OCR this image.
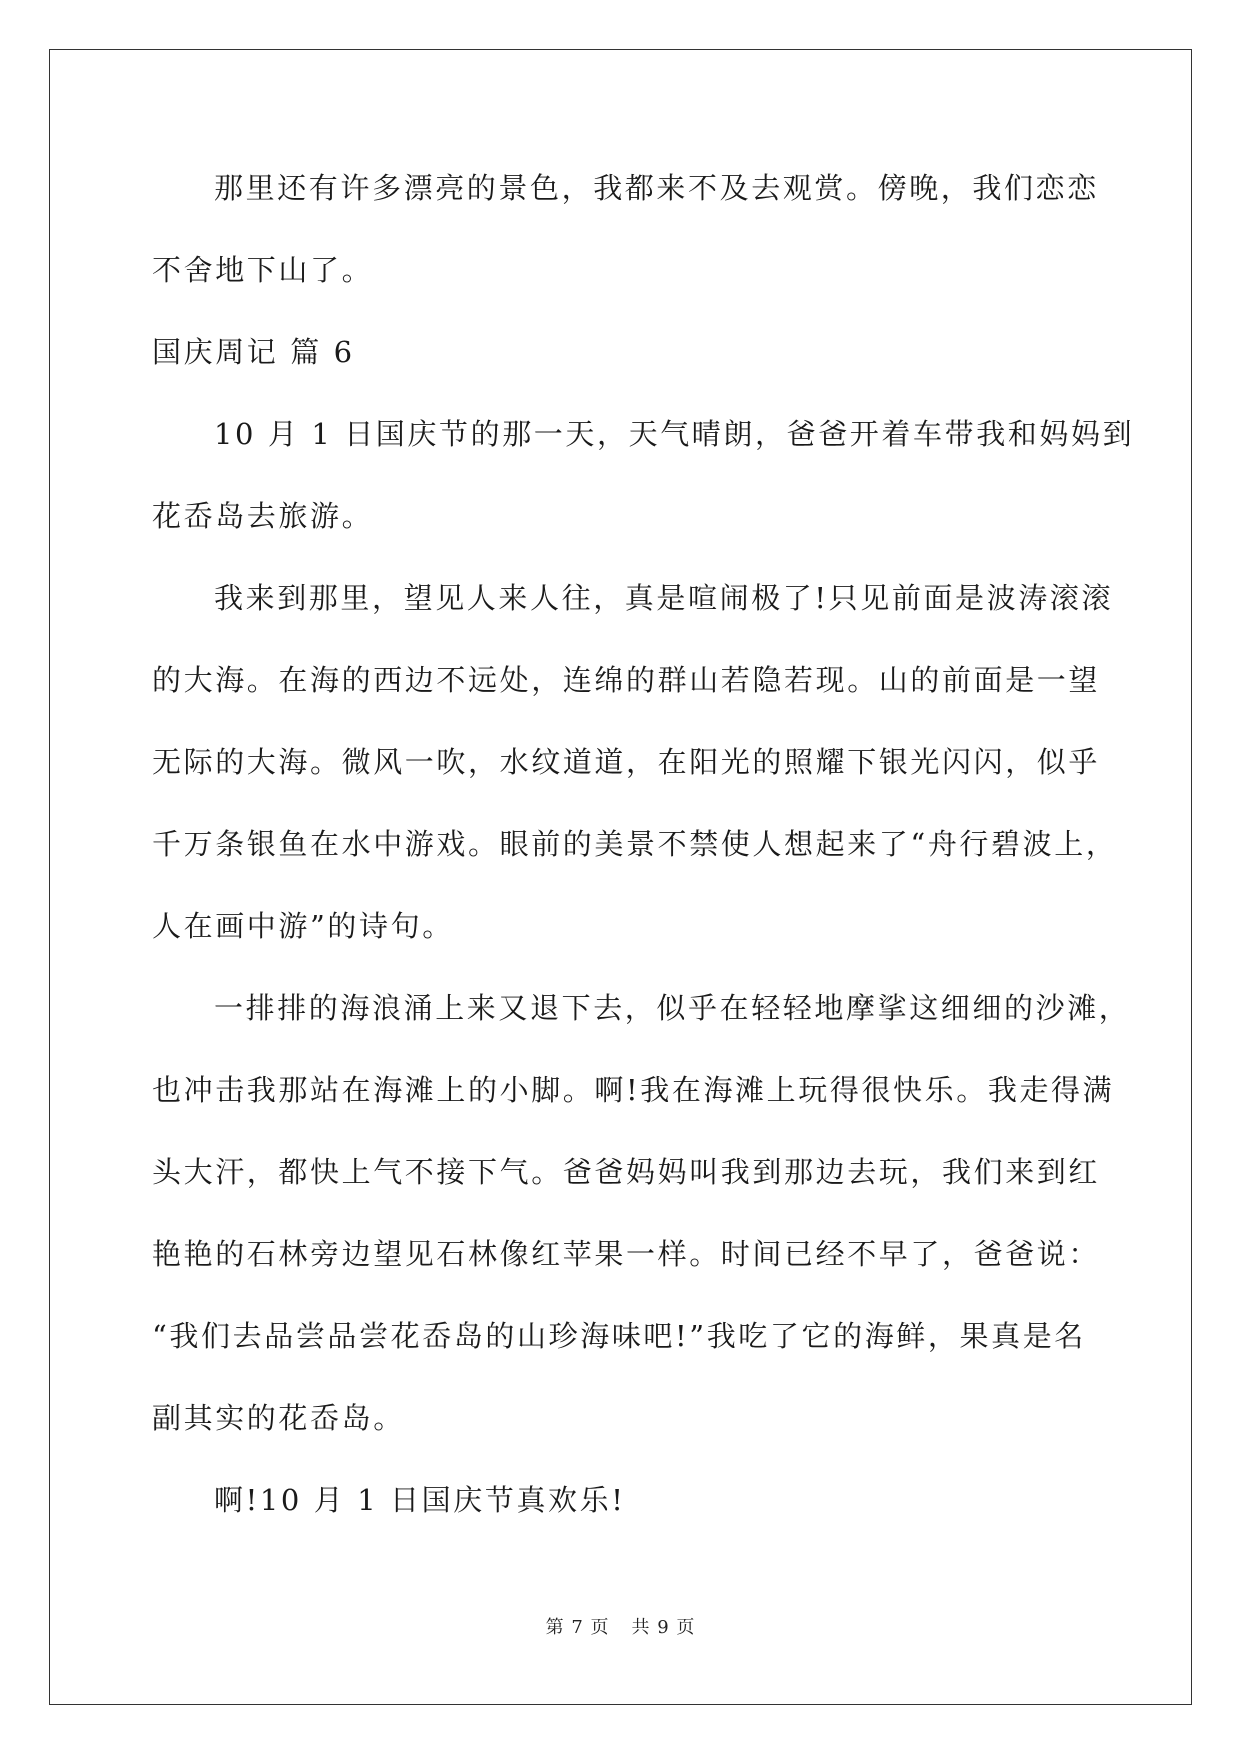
那里还有许多漂亮的景色，我都来不及去观赏。傍晚，我们恋恋
不舍地下山了。
国庆周记 篇 6
10 月 1 日国庆节的那一天，天气晴朗，爸爸开着车带我和妈妈到
花岙岛去旅游。
我来到那里，望见人来人往，真是喧闹极了!只见前面是波涛滚滚
的大海。在海的西边不远处，连绵的群山若隐若现。山的前面是一望
无际的大海。微风一吹，水纹道道，在阳光的照耀下银光闪闪，似乎
千万条银鱼在水中游戏。眼前的美景不禁使人想起来了“舟行碧波上，
人在画中游”的诗句。
一排排的海浪涌上来又退下去，似乎在轻轻地摩挲这细细的沙滩，
也冲击我那站在海滩上的小脚。啊!我在海滩上玩得很快乐。我走得满
头大汗，都快上气不接下气。爸爸妈妈叫我到那边去玩，我们来到红
艳艳的石林旁边望见石林像红苹果一样。时间已经不早了，爸爸说：
“我们去品尝品尝花岙岛的山珍海味吧!”我吃了它的海鲜，果真是名
副其实的花岙岛。
啊!10 月 1 日国庆节真欢乐!
第 7 页 共 9 页
